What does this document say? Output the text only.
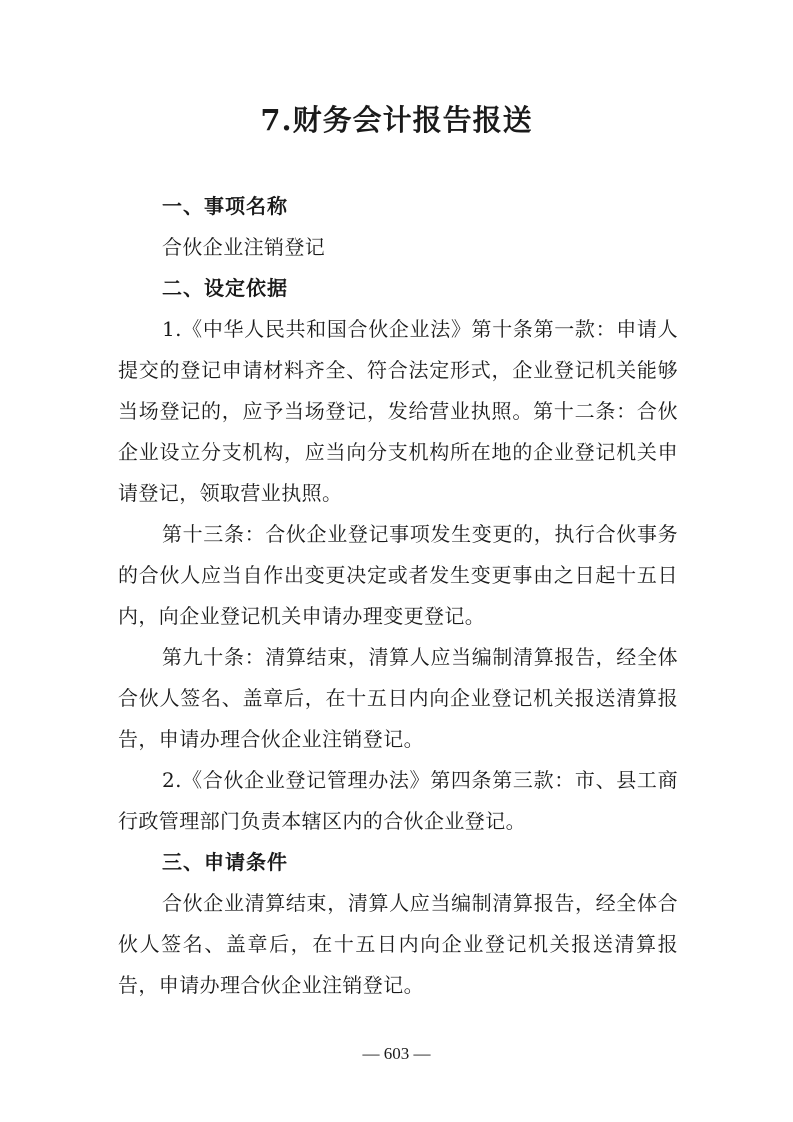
7.财务会计报告报送
一、事项名称

合伙企业注销登记

二、设定依据

1.《中华人民共和国合伙企业法》第十条第一款：申请人提交的登记申请材料齐全、符合法定形式，企业登记机关能够当场登记的，应予当场登记，发给营业执照。第十二条：合伙企业设立分支机构，应当向分支机构所在地的企业登记机关申请登记，领取营业执照。

第十三条：合伙企业登记事项发生变更的，执行合伙事务的合伙人应当自作出变更决定或者发生变更事由之日起十五日内，向企业登记机关申请办理变更登记。

第九十条：清算结束，清算人应当编制清算报告，经全体合伙人签名、盖章后，在十五日内向企业登记机关报送清算报告，申请办理合伙企业注销登记。

2.《合伙企业登记管理办法》第四条第三款：市、县工商行政管理部门负责本辖区内的合伙企业登记。

三、申请条件

合伙企业清算结束，清算人应当编制清算报告，经全体合伙人签名、盖章后，在十五日内向企业登记机关报送清算报告，申请办理合伙企业注销登记。

— 603 —
